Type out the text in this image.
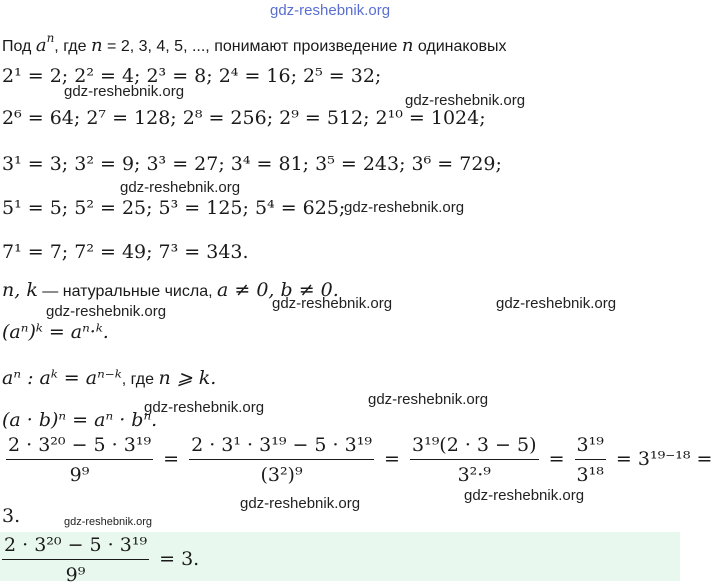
gdz-reshebnik.org
Под $a^n$, где n = 2, 3, 4, 5, ..., понимают произведение n одинаковых
2¹ = 2; 2² = 4; 2³ = 8; 2⁴ = 16; 2⁵ = 32;
gdz-reshebnik.org
gdz-reshebnik.org
2⁶ = 64; 2⁷ = 128; 2⁸ = 256; 2⁹ = 512; 2¹⁰ = 1024;
3¹ = 3; 3² = 9; 3³ = 27; 3⁴ = 81; 3⁵ = 243; 3⁶ = 729;
gdz-reshebnik.org
5¹ = 5; 5² = 25; 5³ = 125; 5⁴ = 625;
gdz-reshebnik.org
7¹ = 7; 7² = 49; 7³ = 343.
n, k — натуральные числа, a ≠ 0, b ≠ 0.
gdz-reshebnik.org	gdz-reshebnik.org
gdz-reshebnik.org
(aⁿ)ᵏ = aⁿ·ᵏ.
aⁿ : aᵏ = aⁿ⁻ᵏ, где n ⩾ k.
gdz-reshebnik.org
gdz-reshebnik.org
(a · b)ⁿ = aⁿ · bⁿ.
$\frac{\text{2 · 3²⁰ − 5 · 3¹⁹}}{\text{9⁹}} = \frac{\text{2 · 3¹ · 3¹⁹ − 5 · 3¹⁹}}{\text{(3²)⁹}} = \frac{\text{3¹⁹(2 · 3 − 5)}}{\text{3²·⁹}} = \frac{\text{3¹⁹}}{\text{3¹⁸}} = 3^{19-18}$ =
3.
gdz-reshebnik.org
gdz-reshebnik.org
gdz-reshebnik.org
$\frac{\text{2 · 3²⁰ − 5 · 3¹⁹}}{\text{9⁹}} = 3$.
